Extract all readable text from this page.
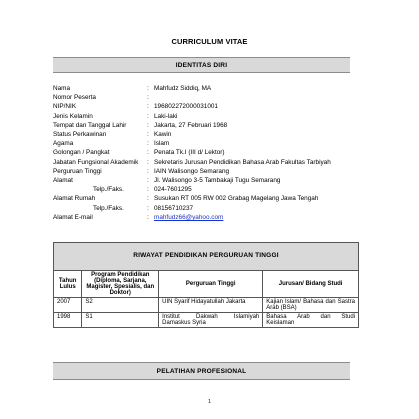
CURRICULUM VITAE
IDENTITAS DIRI
Nama	: Mahfudz Siddiq, MA
Nomor Peserta	:
NIP/NIK	: 196802272000031001
Jenis Kelamin	: Laki-laki
Tempat dan Tanggal Lahir	: Jakarta, 27 Februari 1968
Status Perkawinan	: Kawin
Agama	: Islam
Golongan / Pangkat	: Penata Tk.I (III d/ Lektor)
Jabatan Fungsional Akademik	: Sekretaris Jurusan Pendidikan Bahasa Arab Fakultas Tarbiyah
Perguruan Tinggi	: IAIN Walisongo Semarang
Alamat	: Jl. Walisongo 3-5 Tambakaji Tugu Semarang
Telp./Faks.	: 024-7601295
Alamat Rumah	: Susukan RT 005 RW 002 Grabag Magelang Jawa Tengah
Telp./Faks.	: 08156710237
Alamat E-mail	: mahfudz66@yahoo.com
RIWAYAT PENDIDIKAN PERGURUAN TINGGI
Tahun Lulus	Program Pendidikan (Diploma, Sarjana, Magister, Spesialis, dan Doktor)	Perguruan Tinggi	Jurusan/ Bidang Studi
2007	S2	UIN Syarif Hidayatullah Jakarta	Kajian Islam/ Bahasa dan Sastra Arab (BSA)
1998	S1	Institut Dakwah Islamiyah Damaskus Syria	Bahasa Arab dan Studi Keislaman
PELATIHAN PROFESIONAL
1
